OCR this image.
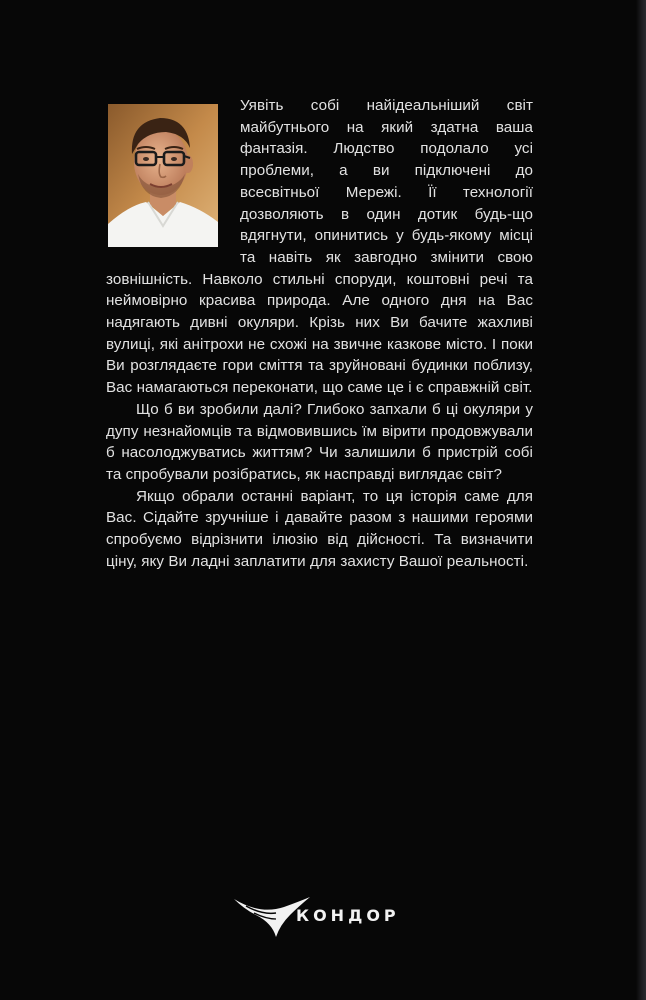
Уявіть собі найідеальніший світ майбутнього на який здатна ваша фантазія. Людство подолало усі проблеми, а ви підключені до всесвітньої Мережі. Її технології дозволяють в один дотик будь-що вдягнути, опинитись у будь-якому місці та навіть як завгодно змінити свою зовнішність. Навколо стильні споруди, коштовні речі та неймовірно красива природа. Але одного дня на Вас надягають дивні окуляри. Крізь них Ви бачите жахливі вулиці, які анітрохи не схожі на звичне казкове місто. І поки Ви розглядаєте гори сміття та зруйновані будинки поблизу, Вас намагаються переконати, що саме це і є справжній світ.

Що б ви зробили далі? Глибоко запхали б ці окуляри у дупу незнайомців та відмовившись їм вірити продовжували б насолоджуватись життям? Чи залишили б пристрій собі та спробували розібратись, як насправді виглядає світ?

Якщо обрали останні варіант, то ця історія саме для Вас. Сідайте зручніше і давайте разом з нашими героями спробуємо відрізнити ілюзію від дійсності. Та визначити ціну, яку Ви ладні заплатити для захисту Вашої реальності.

КОНДОР
